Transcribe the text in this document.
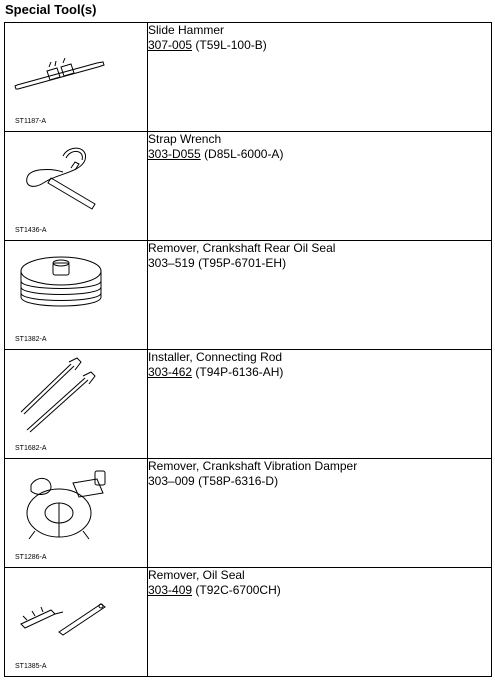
Special Tool(s)
ST1187-A	Slide Hammer
307-005 (T59L-100-B)

ST1436-A	Strap Wrench
303-D055 (D85L-6000-A)

ST1382-A	Remover, Crankshaft Rear Oil Seal
303–519 (T95P-6701-EH)

ST1682-A	Installer, Connecting Rod
303-462 (T94P-6136-AH)

ST1286-A	Remover, Crankshaft Vibration Damper
303–009 (T58P-6316-D)

ST1385-A	Remover, Oil Seal
303-409 (T92C-6700CH)
